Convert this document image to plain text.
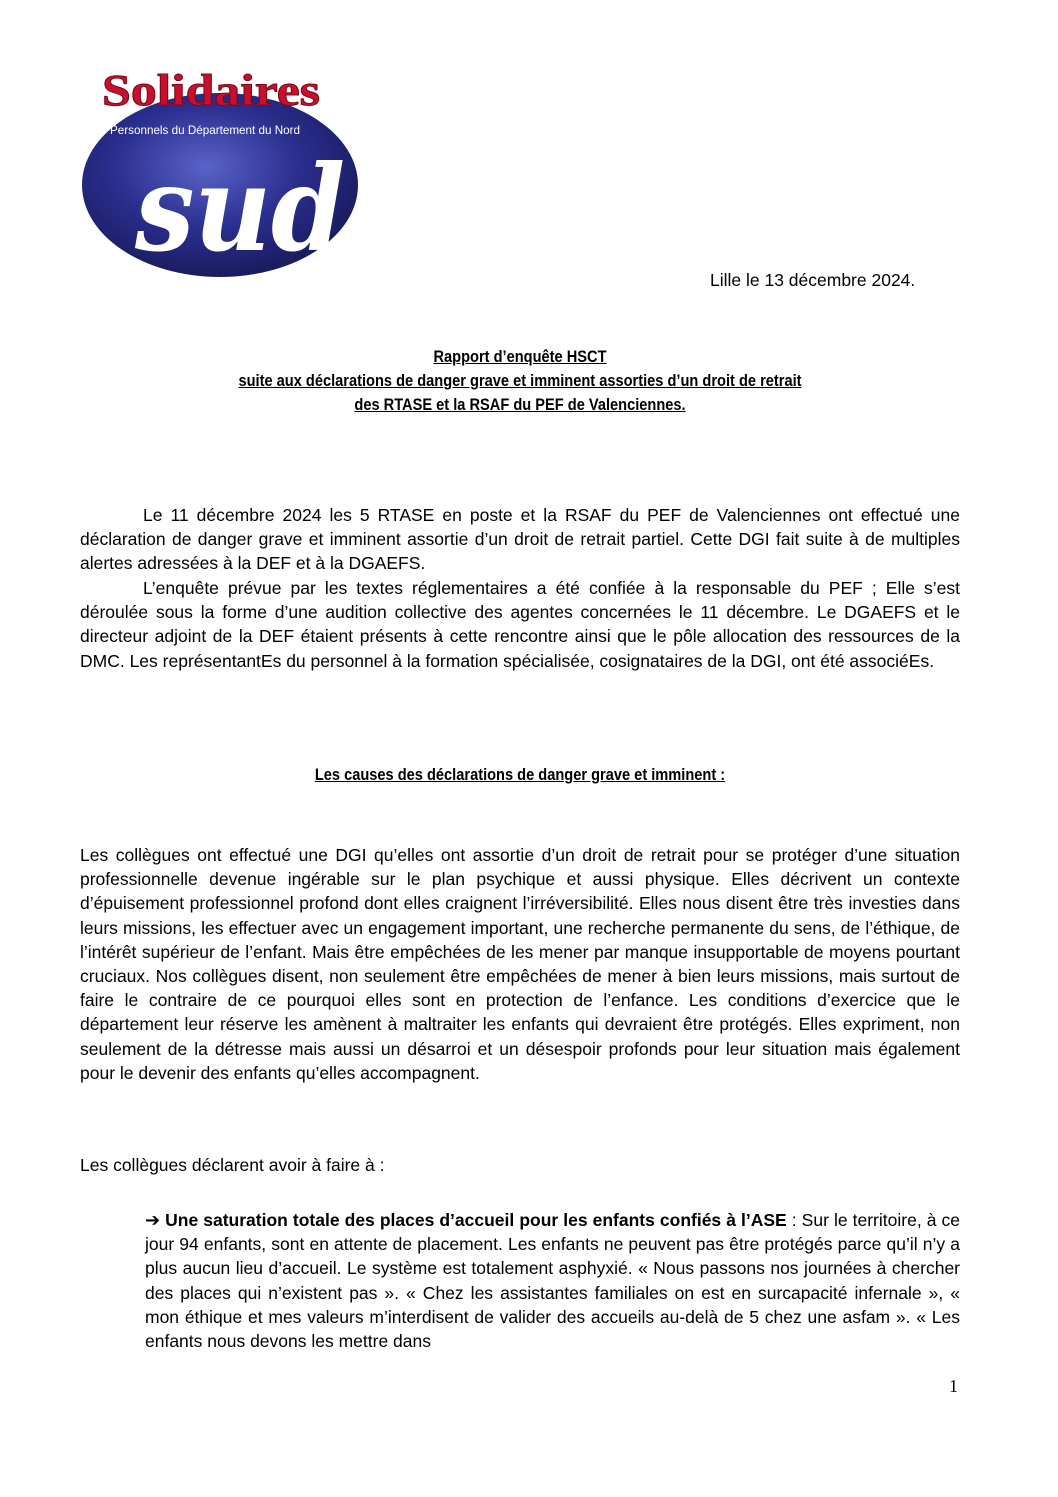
Solidaires
Personnels du Département du Nord
sud
Lille le 13 décembre 2024.
Rapport d’enquête HSCT
suite aux déclarations de danger grave et imminent assorties d’un droit de retrait
des RTASE et la RSAF du PEF de Valenciennes.

Le 11 décembre 2024 les 5 RTASE en poste et la RSAF du PEF de Valenciennes ont effectué une déclaration de danger grave et imminent assortie d’un droit de retrait partiel. Cette DGI fait suite à de multiples alertes adressées à la DEF et à la DGAEFS.

L’enquête prévue par les textes réglementaires a été confiée à la responsable du PEF ; Elle s’est déroulée sous la forme d’une audition collective des agentes concernées le 11 décembre. Le DGAEFS et le directeur adjoint de la DEF étaient présents à cette rencontre ainsi que le pôle allocation des ressources de la DMC. Les représentantEs du personnel à la formation spécialisée, cosignataires de la DGI, ont été associéEs.

Les causes des déclarations de danger grave et imminent :

Les collègues ont effectué une DGI qu’elles ont assortie d’un droit de retrait pour se protéger d’une situation professionnelle devenue ingérable sur le plan psychique et aussi physique. Elles décrivent un contexte d’épuisement professionnel profond dont elles craignent l’irréversibilité. Elles nous disent être très investies dans leurs missions, les effectuer avec un engagement important, une recherche permanente du sens, de l’éthique, de l’intérêt supérieur de l’enfant. Mais être empêchées de les mener par manque insupportable de moyens pourtant cruciaux. Nos collègues disent, non seulement être empêchées de mener à bien leurs missions, mais surtout de faire le contraire de ce pourquoi elles sont en protection de l’enfance. Les conditions d’exercice que le département leur réserve les amènent à maltraiter les enfants qui devraient être protégés. Elles expriment, non seulement de la détresse mais aussi un désarroi et un désespoir profonds pour leur situation mais également pour le devenir des enfants qu’elles accompagnent.

Les collègues déclarent avoir à faire à :

➔ Une saturation totale des places d’accueil pour les enfants confiés à l’ASE : Sur le territoire, à ce jour 94 enfants, sont en attente de placement. Les enfants ne peuvent pas être protégés parce qu’il n’y a plus aucun lieu d’accueil. Le système est totalement asphyxié. « Nous passons nos journées à chercher des places qui n’existent pas ». « Chez les assistantes familiales on est en surcapacité infernale », « mon éthique et mes valeurs m’interdisent de valider des accueils au-delà de 5 chez une asfam ». « Les enfants nous devons les mettre dans

1
